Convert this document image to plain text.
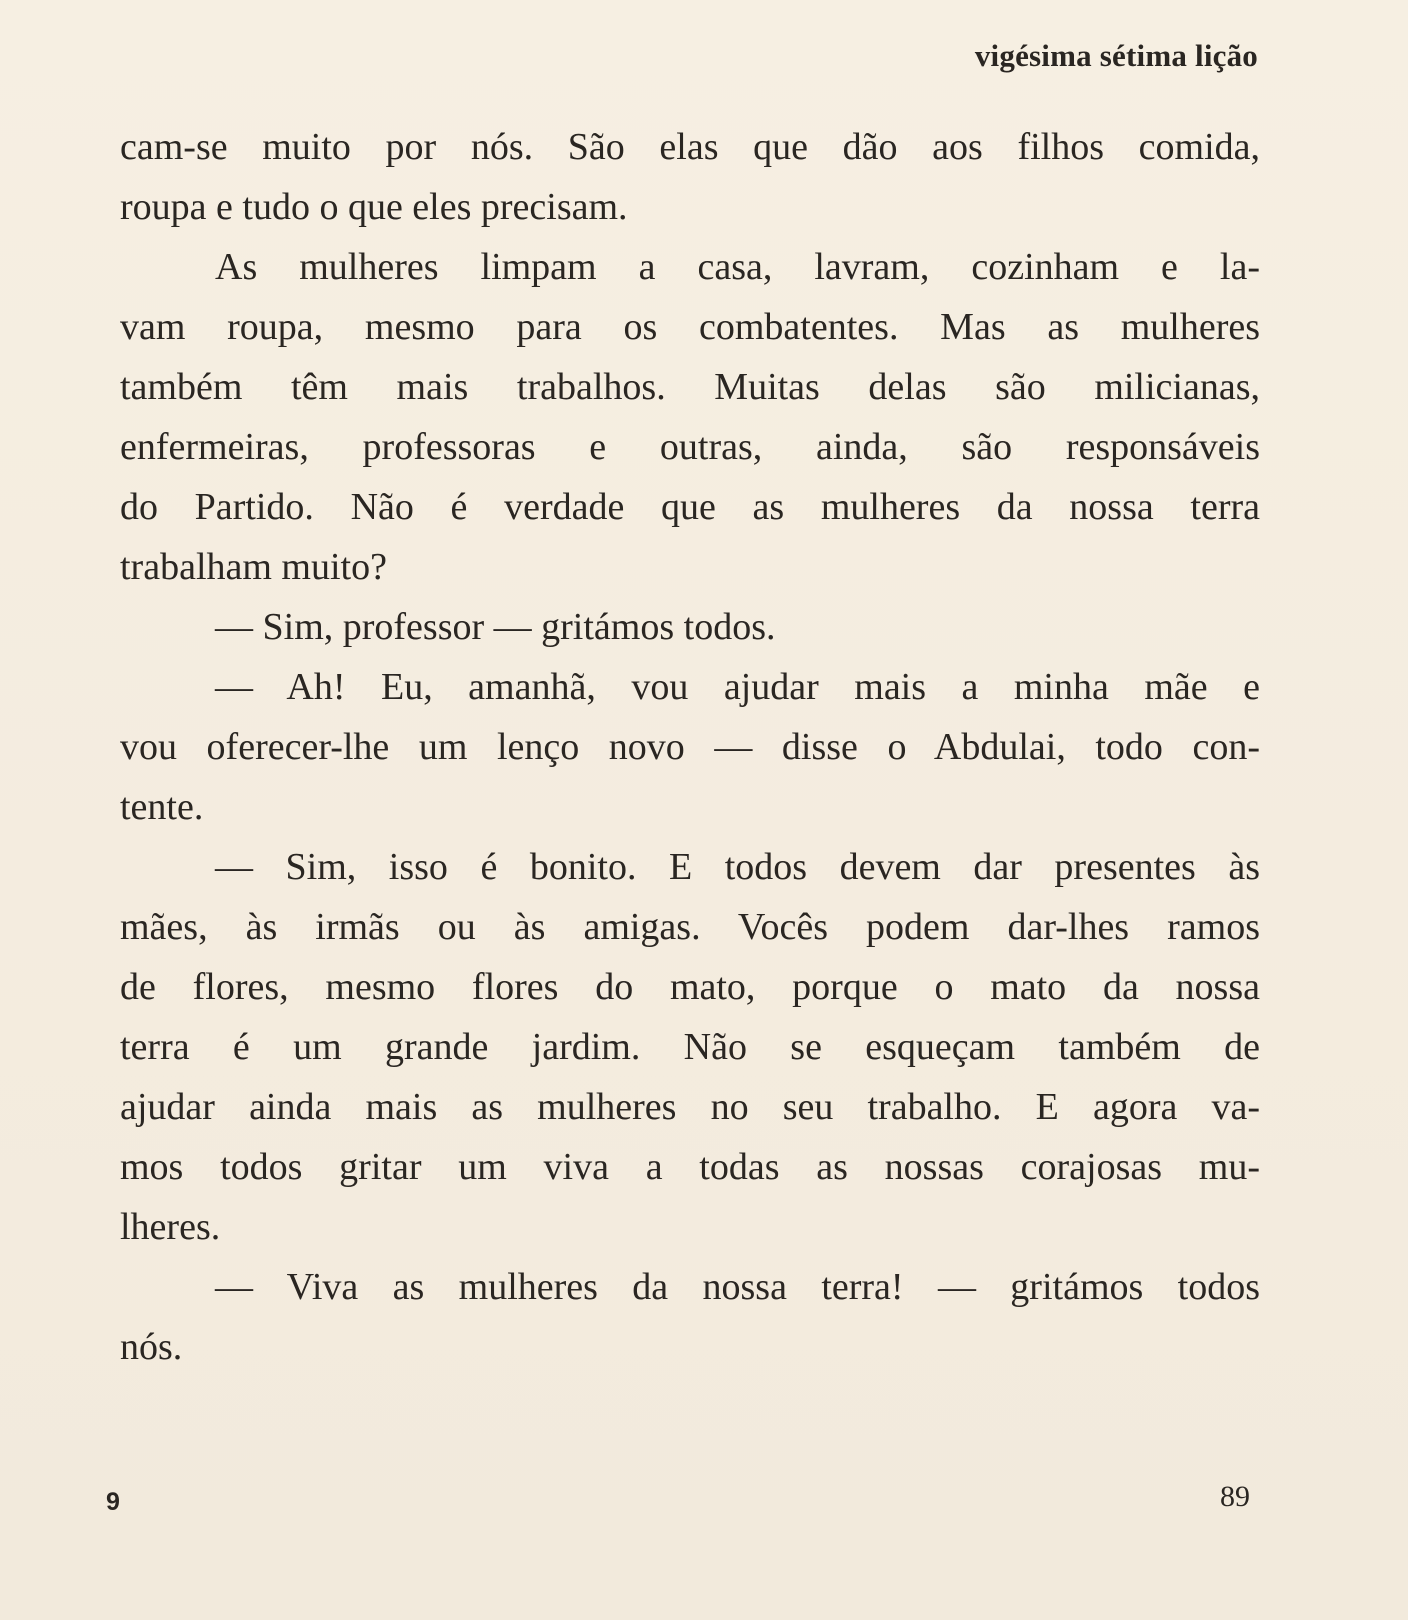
vigésima sétima lição
cam-se muito por nós. São elas que dão aos filhos comida,
roupa e tudo o que eles precisam.
As mulheres limpam a casa, lavram, cozinham e la-
vam roupa, mesmo para os combatentes. Mas as mulheres
também têm mais trabalhos. Muitas delas são milicianas,
enfermeiras, professoras e outras, ainda, são responsáveis
do Partido. Não é verdade que as mulheres da nossa terra
trabalham muito?
— Sim, professor — gritámos todos.
— Ah! Eu, amanhã, vou ajudar mais a minha mãe e
vou oferecer-lhe um lenço novo — disse o Abdulai, todo con-
tente.
— Sim, isso é bonito. E todos devem dar presentes às
mães, às irmãs ou às amigas. Vocês podem dar-lhes ramos
de flores, mesmo flores do mato, porque o mato da nossa
terra é um grande jardim. Não se esqueçam também de
ajudar ainda mais as mulheres no seu trabalho. E agora va-
mos todos gritar um viva a todas as nossas corajosas mu-
lheres.
— Viva as mulheres da nossa terra! — gritámos todos
nós.
9	89
